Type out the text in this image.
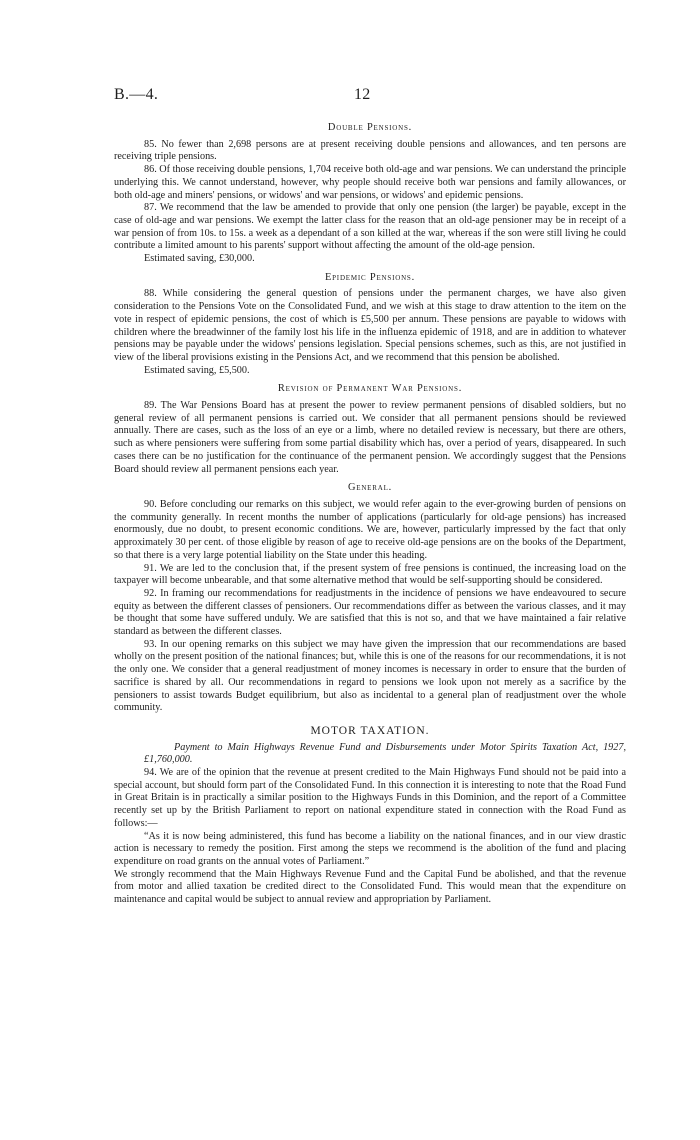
B.—4.	12
Double Pensions.

85. No fewer than 2,698 persons are at present receiving double pensions and allowances, and ten persons are receiving triple pensions.

86. Of those receiving double pensions, 1,704 receive both old-age and war pensions. We can understand the principle underlying this. We cannot understand, however, why people should receive both war pensions and family allowances, or both old-age and miners' pensions, or widows' and war pensions, or widows' and epidemic pensions.

87. We recommend that the law be amended to provide that only one pension (the larger) be payable, except in the case of old-age and war pensions. We exempt the latter class for the reason that an old-age pensioner may be in receipt of a war pension of from 10s. to 15s. a week as a dependant of a son killed at the war, whereas if the son were still living he could contribute a limited amount to his parents' support without affecting the amount of the old-age pension.

Estimated saving, £30,000.

Epidemic Pensions.

88. While considering the general question of pensions under the permanent charges, we have also given consideration to the Pensions Vote on the Consolidated Fund, and we wish at this stage to draw attention to the item on the vote in respect of epidemic pensions, the cost of which is £5,500 per annum. These pensions are payable to widows with children where the breadwinner of the family lost his life in the influenza epidemic of 1918, and are in addition to whatever pensions may be payable under the widows' pensions legislation. Special pensions schemes, such as this, are not justified in view of the liberal provisions existing in the Pensions Act, and we recommend that this pension be abolished.

Estimated saving, £5,500.

Revision of Permanent War Pensions.

89. The War Pensions Board has at present the power to review permanent pensions of disabled soldiers, but no general review of all permanent pensions is carried out. We consider that all permanent pensions should be reviewed annually. There are cases, such as the loss of an eye or a limb, where no detailed review is necessary, but there are others, such as where pensioners were suffering from some partial disability which has, over a period of years, disappeared. In such cases there can be no justification for the continuance of the permanent pension. We accordingly suggest that the Pensions Board should review all permanent pensions each year.

General.

90. Before concluding our remarks on this subject, we would refer again to the ever-growing burden of pensions on the community generally. In recent months the number of applications (particularly for old-age pensions) has increased enormously, due no doubt, to present economic conditions. We are, however, particularly impressed by the fact that only approximately 30 per cent. of those eligible by reason of age to receive old-age pensions are on the books of the Department, so that there is a very large potential liability on the State under this heading.

91. We are led to the conclusion that, if the present system of free pensions is continued, the increasing load on the taxpayer will become unbearable, and that some alternative method that would be self-supporting should be considered.

92. In framing our recommendations for readjustments in the incidence of pensions we have endeavoured to secure equity as between the different classes of pensioners. Our recommendations differ as between the various classes, and it may be thought that some have suffered unduly. We are satisfied that this is not so, and that we have maintained a fair relative standard as between the different classes.

93. In our opening remarks on this subject we may have given the impression that our recommendations are based wholly on the present position of the national finances; but, while this is one of the reasons for our recommendations, it is not the only one. We consider that a general readjustment of money incomes is necessary in order to ensure that the burden of sacrifice is shared by all. Our recommendations in regard to pensions we look upon not merely as a sacrifice by the pensioners to assist towards Budget equilibrium, but also as incidental to a general plan of readjustment over the whole community.

MOTOR TAXATION.

Payment to Main Highways Revenue Fund and Disbursements under Motor Spirits Taxation Act, 1927, £1,760,000.

94. We are of the opinion that the revenue at present credited to the Main Highways Fund should not be paid into a special account, but should form part of the Consolidated Fund. In this connection it is interesting to note that the Road Fund in Great Britain is in practically a similar position to the Highways Funds in this Dominion, and the report of a Committee recently set up by the British Parliament to report on national expenditure stated in connection with the Road Fund as follows:—

“As it is now being administered, this fund has become a liability on the national finances, and in our view drastic action is necessary to remedy the position. First among the steps we recommend is the abolition of the fund and placing expenditure on road grants on the annual votes of Parliament.”

We strongly recommend that the Main Highways Revenue Fund and the Capital Fund be abolished, and that the revenue from motor and allied taxation be credited direct to the Consolidated Fund. This would mean that the expenditure on maintenance and capital would be subject to annual review and appropriation by Parliament.
